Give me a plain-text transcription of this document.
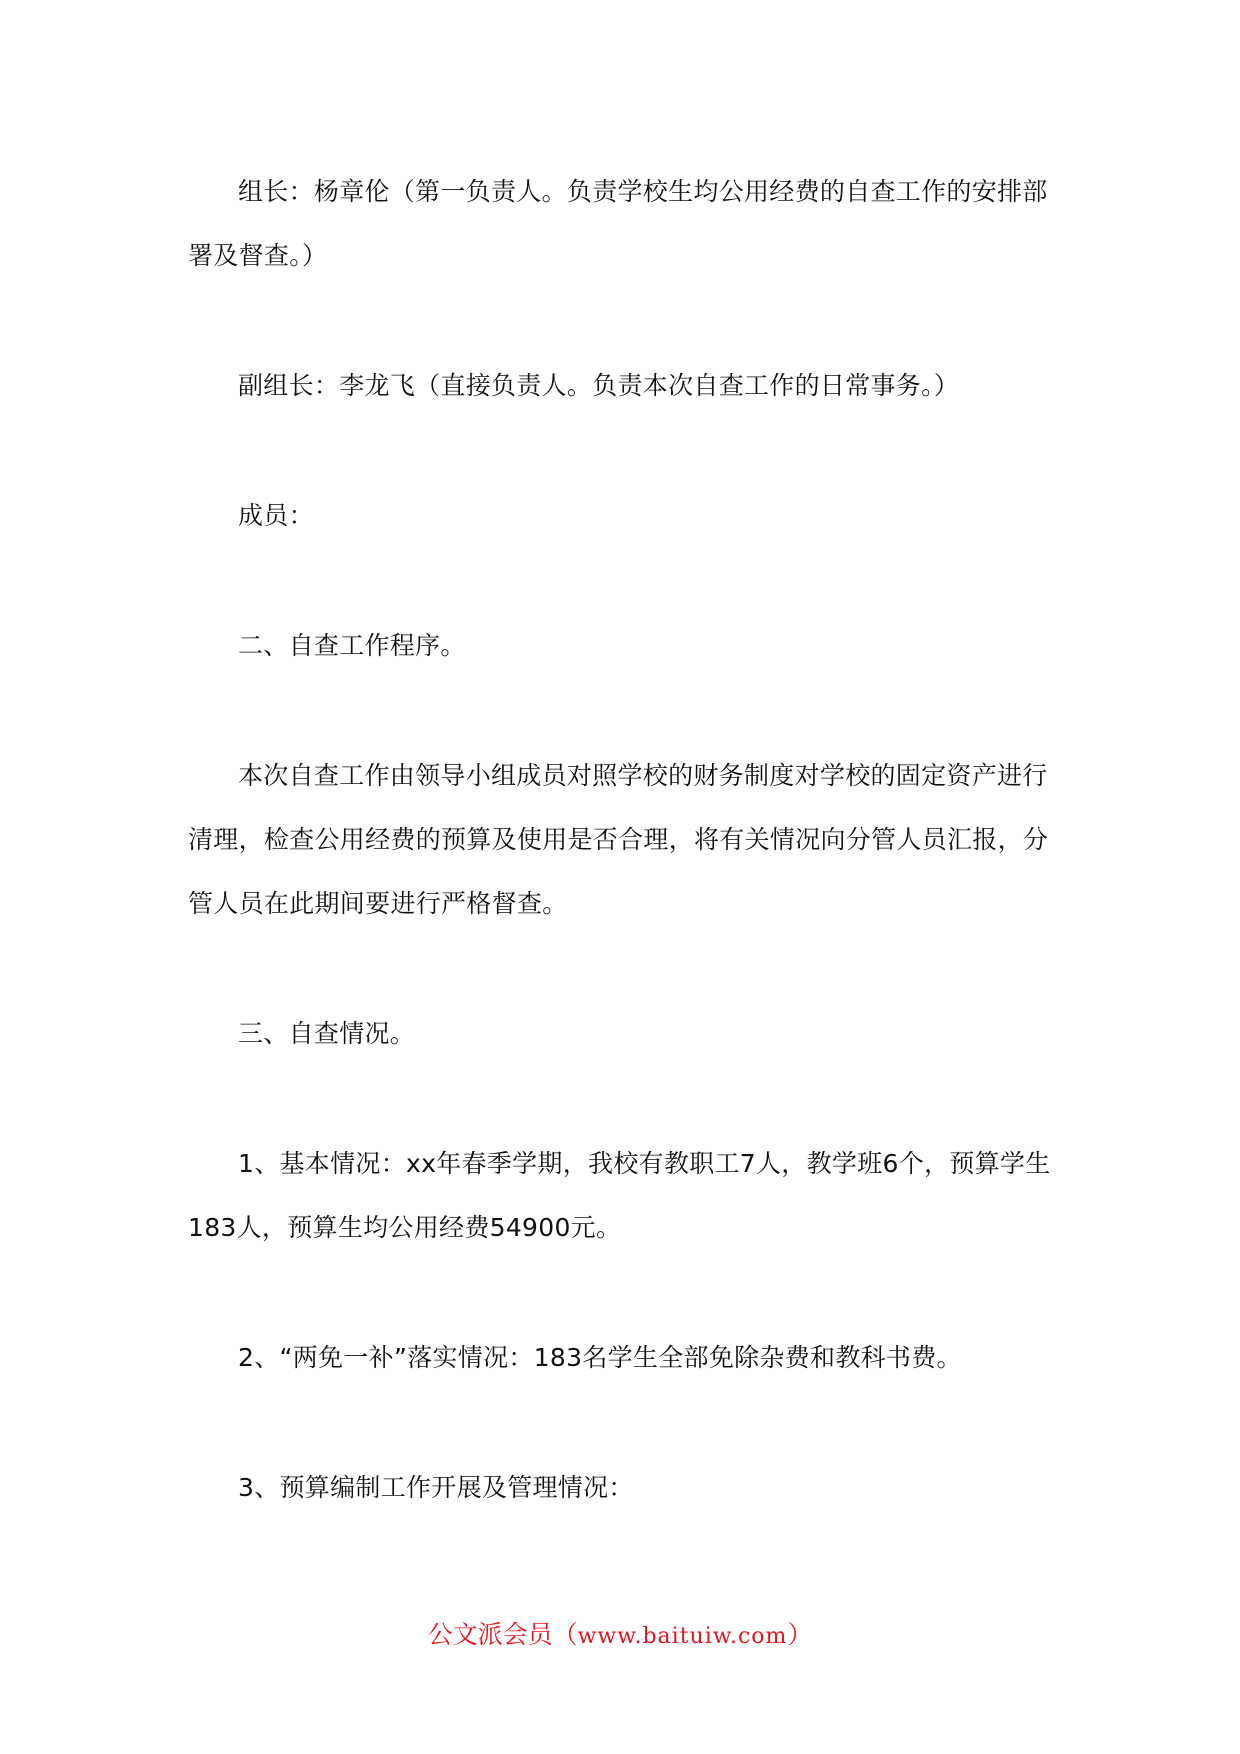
组长：杨章伦（第一负责人。负责学校生均公用经费的自查工作的安排部署及督查。）

副组长：李龙飞（直接负责人。负责本次自查工作的日常事务。）

成员：

二、自查工作程序。

本次自查工作由领导小组成员对照学校的财务制度对学校的固定资产进行清理，检查公用经费的预算及使用是否合理，将有关情况向分管人员汇报，分管人员在此期间要进行严格督查。

三、自查情况。

1、基本情况：xx年春季学期，我校有教职工7人，教学班6个，预算学生183人，预算生均公用经费54900元。

2、“两免一补”落实情况：183名学生全部免除杂费和教科书费。

3、预算编制工作开展及管理情况：

公文派会员（www.baituiw.com）
